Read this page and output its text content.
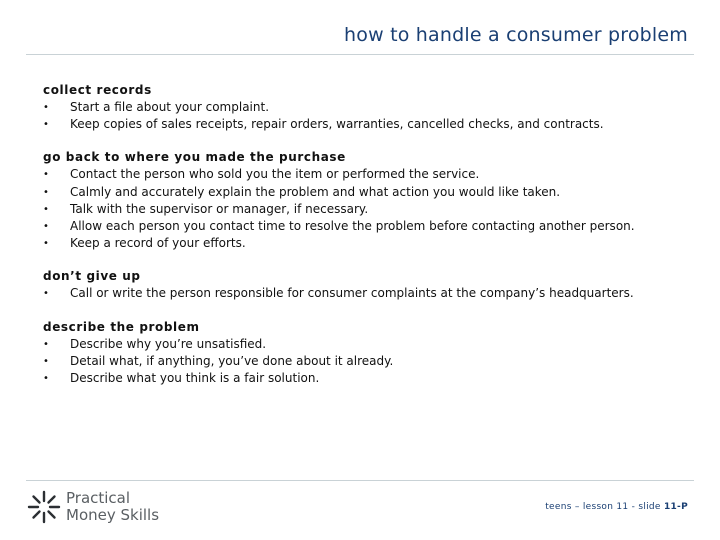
how to handle a consumer problem
collect records
• Start a file about your complaint.
• Keep copies of sales receipts, repair orders, warranties, cancelled checks, and contracts.
go back to where you made the purchase
• Contact the person who sold you the item or performed the service.
• Calmly and accurately explain the problem and what action you would like taken.
• Talk with the supervisor or manager, if necessary.
• Allow each person you contact time to resolve the problem before contacting another person.
• Keep a record of your efforts.
don’t give up
• Call or write the person responsible for consumer complaints at the company’s headquarters.
describe the problem
• Describe why you’re unsatisfied.
• Detail what, if anything, you’ve done about it already.
• Describe what you think is a fair solution.
Practical
Money Skills	teens – lesson 11 - slide 11-P
